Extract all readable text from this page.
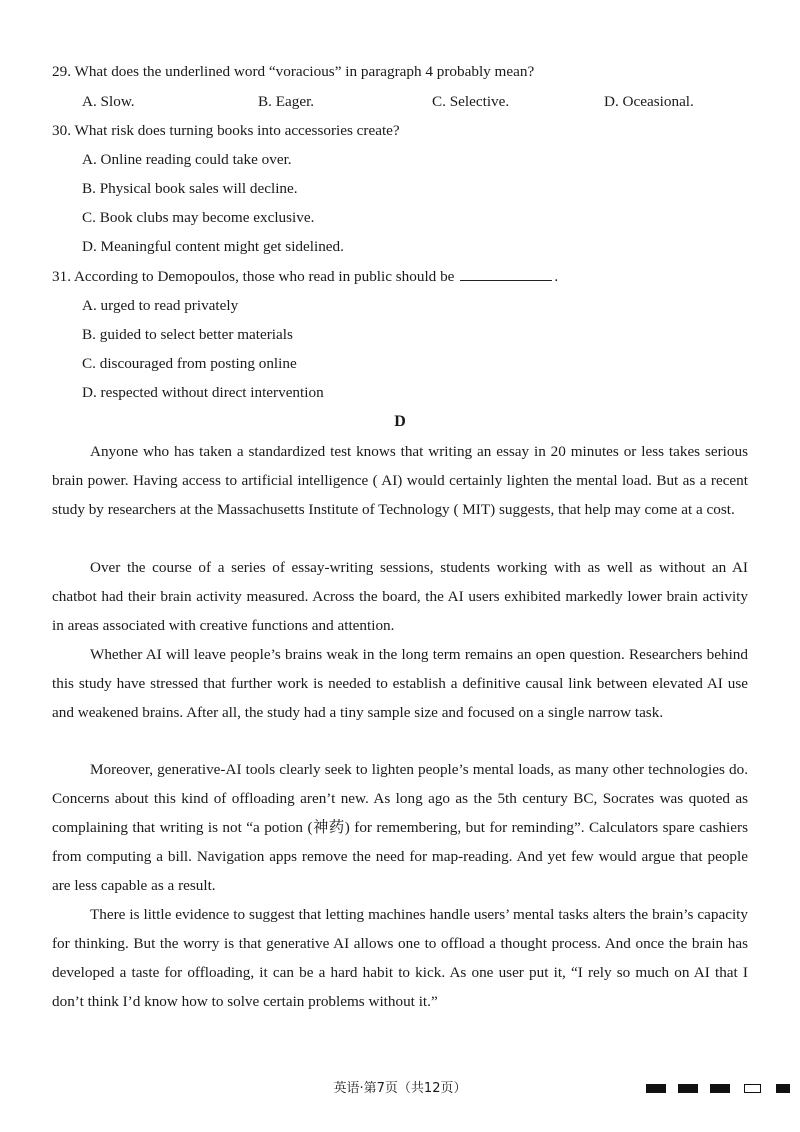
29. What does the underlined word “voracious” in paragraph 4 probably mean?
A. Slow.	B. Eager.	C. Selective.	D. Oceasional.
30. What risk does turning books into accessories create?
A. Online reading could take over.
B. Physical book sales will decline.
C. Book clubs may become exclusive.
D. Meaningful content might get sidelined.
31. According to Demopoulos, those who read in public should be	.
A. urged to read privately
B. guided to select better materials
C. discouraged from posting online
D. respected without direct intervention
D

Anyone who has taken a standardized test knows that writing an essay in 20 minutes or less takes serious brain power. Having access to artificial intelligence ( AI) would certainly lighten the mental load. But as a recent study by researchers at the Massachusetts Institute of Technology ( MIT) suggests, that help may come at a cost.

Over the course of a series of essay-writing sessions, students working with as well as without an AI chatbot had their brain activity measured. Across the board, the AI users exhibited markedly lower brain activity in areas associated with creative functions and attention.

Whether AI will leave people’s brains weak in the long term remains an open question. Researchers behind this study have stressed that further work is needed to establish a definitive causal link between elevated AI use and weakened brains. After all, the study had a tiny sample size and focused on a single narrow task.

Moreover, generative-AI tools clearly seek to lighten people’s mental loads, as many other technologies do. Concerns about this kind of offloading aren’t new. As long ago as the 5th century BC, Socrates was quoted as complaining that writing is not “a potion (神药) for remembering, but for reminding”. Calculators spare cashiers from computing a bill. Navigation apps remove the need for map-reading. And yet few would argue that people are less capable as a result.

There is little evidence to suggest that letting machines handle users’ mental tasks alters the brain’s capacity for thinking. But the worry is that generative AI allows one to offload a thought process. And once the brain has developed a taste for offloading, it can be a hard habit to kick. As one user put it, “I rely so much on AI that I don’t think I’d know how to solve certain problems without it.”

英语·第7页（共12页）
